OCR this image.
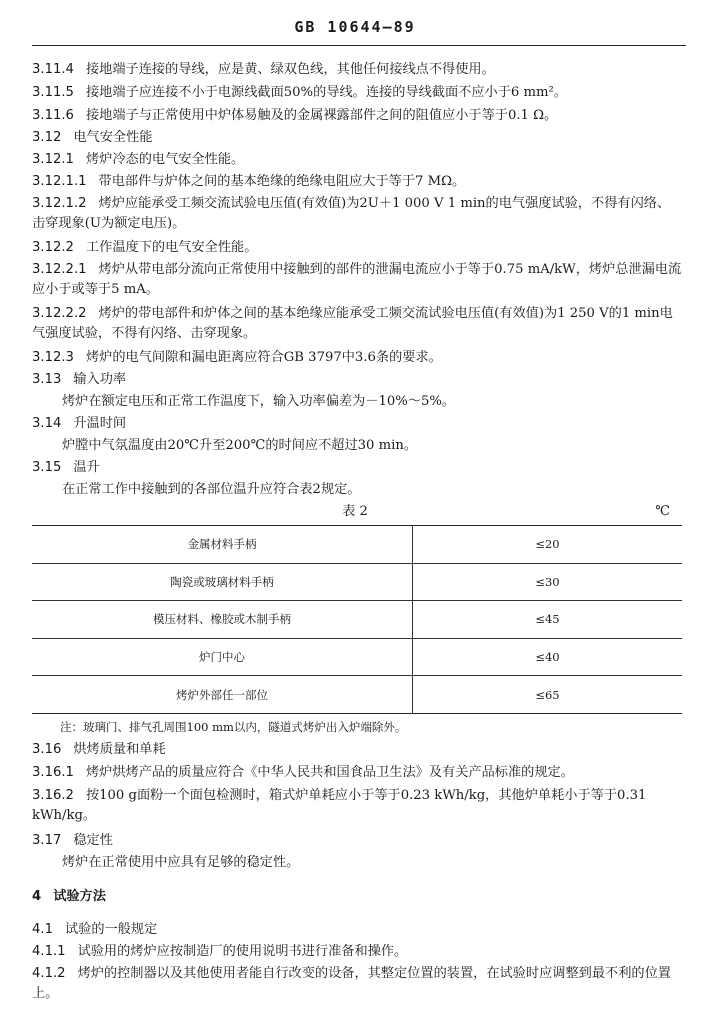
GB 10644—89
3.11.4 接地端子连接的导线，应是黄、绿双色线，其他任何接线点不得使用。
3.11.5 接地端子应连接不小于电源线截面50%的导线。连接的导线截面不应小于6 mm²。
3.11.6 接地端子与正常使用中炉体易触及的金属裸露部件之间的阻值应小于等于0.1 Ω。
3.12 电气安全性能
3.12.1 烤炉冷态的电气安全性能。
3.12.1.1 带电部件与炉体之间的基本绝缘的绝缘电阻应大于等于7 MΩ。
3.12.1.2 烤炉应能承受工频交流试验电压值(有效值)为2U＋1 000 V 1 min的电气强度试验，不得有闪络、击穿现象(U为额定电压)。
3.12.2 工作温度下的电气安全性能。
3.12.2.1 烤炉从带电部分流向正常使用中接触到的部件的泄漏电流应小于等于0.75 mA/kW，烤炉总泄漏电流应小于或等于5 mA。
3.12.2.2 烤炉的带电部件和炉体之间的基本绝缘应能承受工频交流试验电压值(有效值)为1 250 V的1 min电气强度试验，不得有闪络、击穿现象。
3.12.3 烤炉的电气间隙和漏电距离应符合GB 3797中3.6条的要求。
3.13 输入功率
烤炉在额定电压和正常工作温度下，输入功率偏差为－10%～5%。
3.14 升温时间
炉膛中气氛温度由20℃升至200℃的时间应不超过30 min。
3.15 温升
在正常工作中接触到的各部位温升应符合表2规定。
表 2	℃
金属材料手柄	≤20
陶瓷或玻璃材料手柄	≤30
模压材料、橡胶或木制手柄	≤45
炉门中心	≤40
烤炉外部任一部位	≤65
注：玻璃门、排气孔周围100 mm以内，隧道式烤炉出入炉端除外。
3.16 烘烤质量和单耗
3.16.1 烤炉烘烤产品的质量应符合《中华人民共和国食品卫生法》及有关产品标准的规定。
3.16.2 按100 g面粉一个面包检测时，箱式炉单耗应小于等于0.23 kWh/kg，其他炉单耗小于等于0.31 kWh/kg。
3.17 稳定性
烤炉在正常使用中应具有足够的稳定性。
4 试验方法
4.1 试验的一般规定
4.1.1 试验用的烤炉应按制造厂的使用说明书进行准备和操作。
4.1.2 烤炉的控制器以及其他使用者能自行改变的设备，其整定位置的装置，在试验时应调整到最不利的位置上。
